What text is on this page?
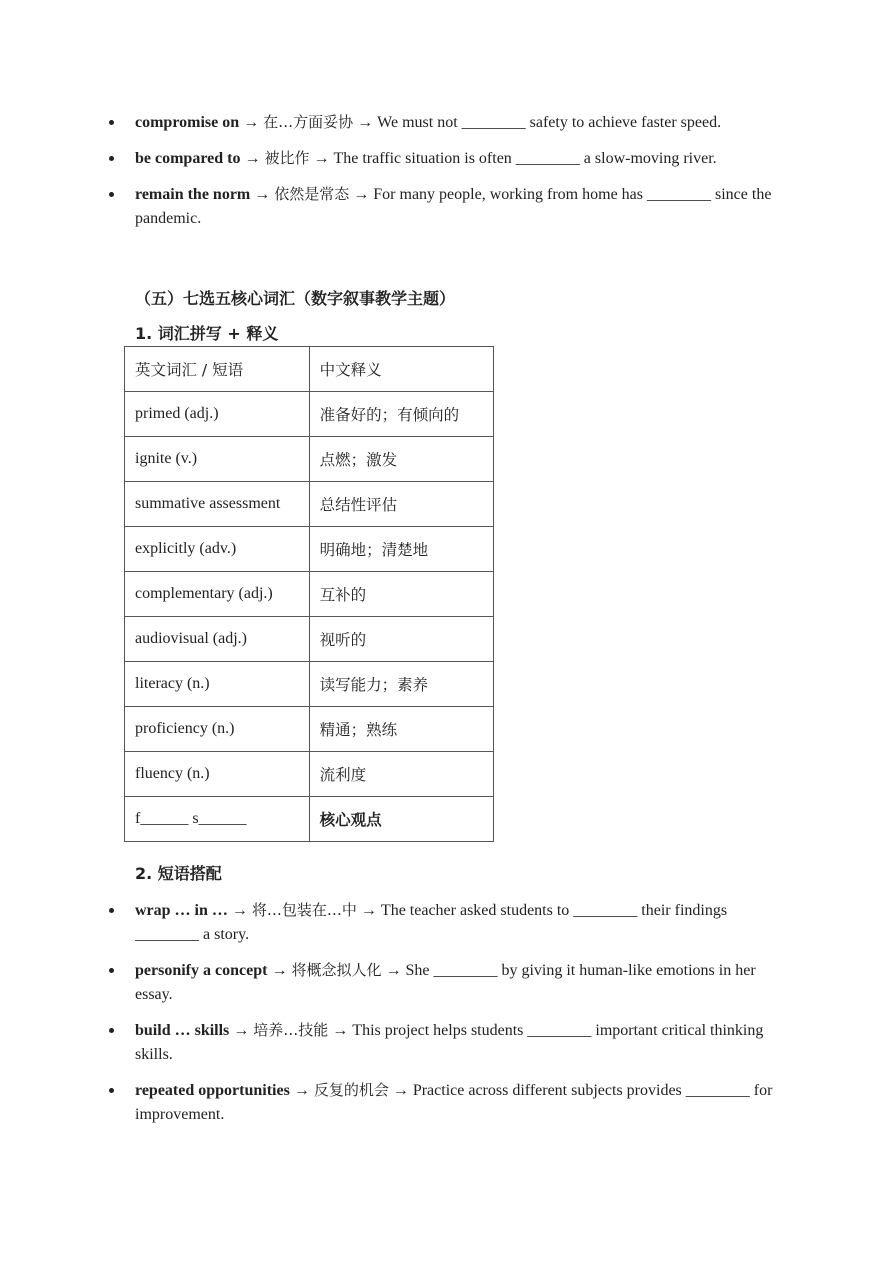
compromise on → 在…方面妥协 → We must not ________ safety to achieve faster speed.
be compared to → 被比作 → The traffic situation is often ________ a slow-moving river.
remain the norm → 依然是常态 → For many people, working from home has ________ since the pandemic.
（五）七选五核心词汇（数字叙事教学主题）
1. 词汇拼写 + 释义
英文词汇 / 短语	中文释义
primed (adj.)	准备好的；有倾向的
ignite (v.)	点燃；激发
summative assessment	总结性评估
explicitly (adv.)	明确地；清楚地
complementary (adj.)	互补的
audiovisual (adj.)	视听的
literacy (n.)	读写能力；素养
proficiency (n.)	精通；熟练
fluency (n.)	流利度
f______ s______	核心观点
2. 短语搭配
wrap … in … → 将…包装在…中 → The teacher asked students to ________ their findings ________ a story.
personify a concept → 将概念拟人化 → She ________ by giving it human-like emotions in her essay.
build … skills → 培养…技能 → This project helps students ________ important critical thinking skills.
repeated opportunities → 反复的机会 → Practice across different subjects provides ________ for improvement.
